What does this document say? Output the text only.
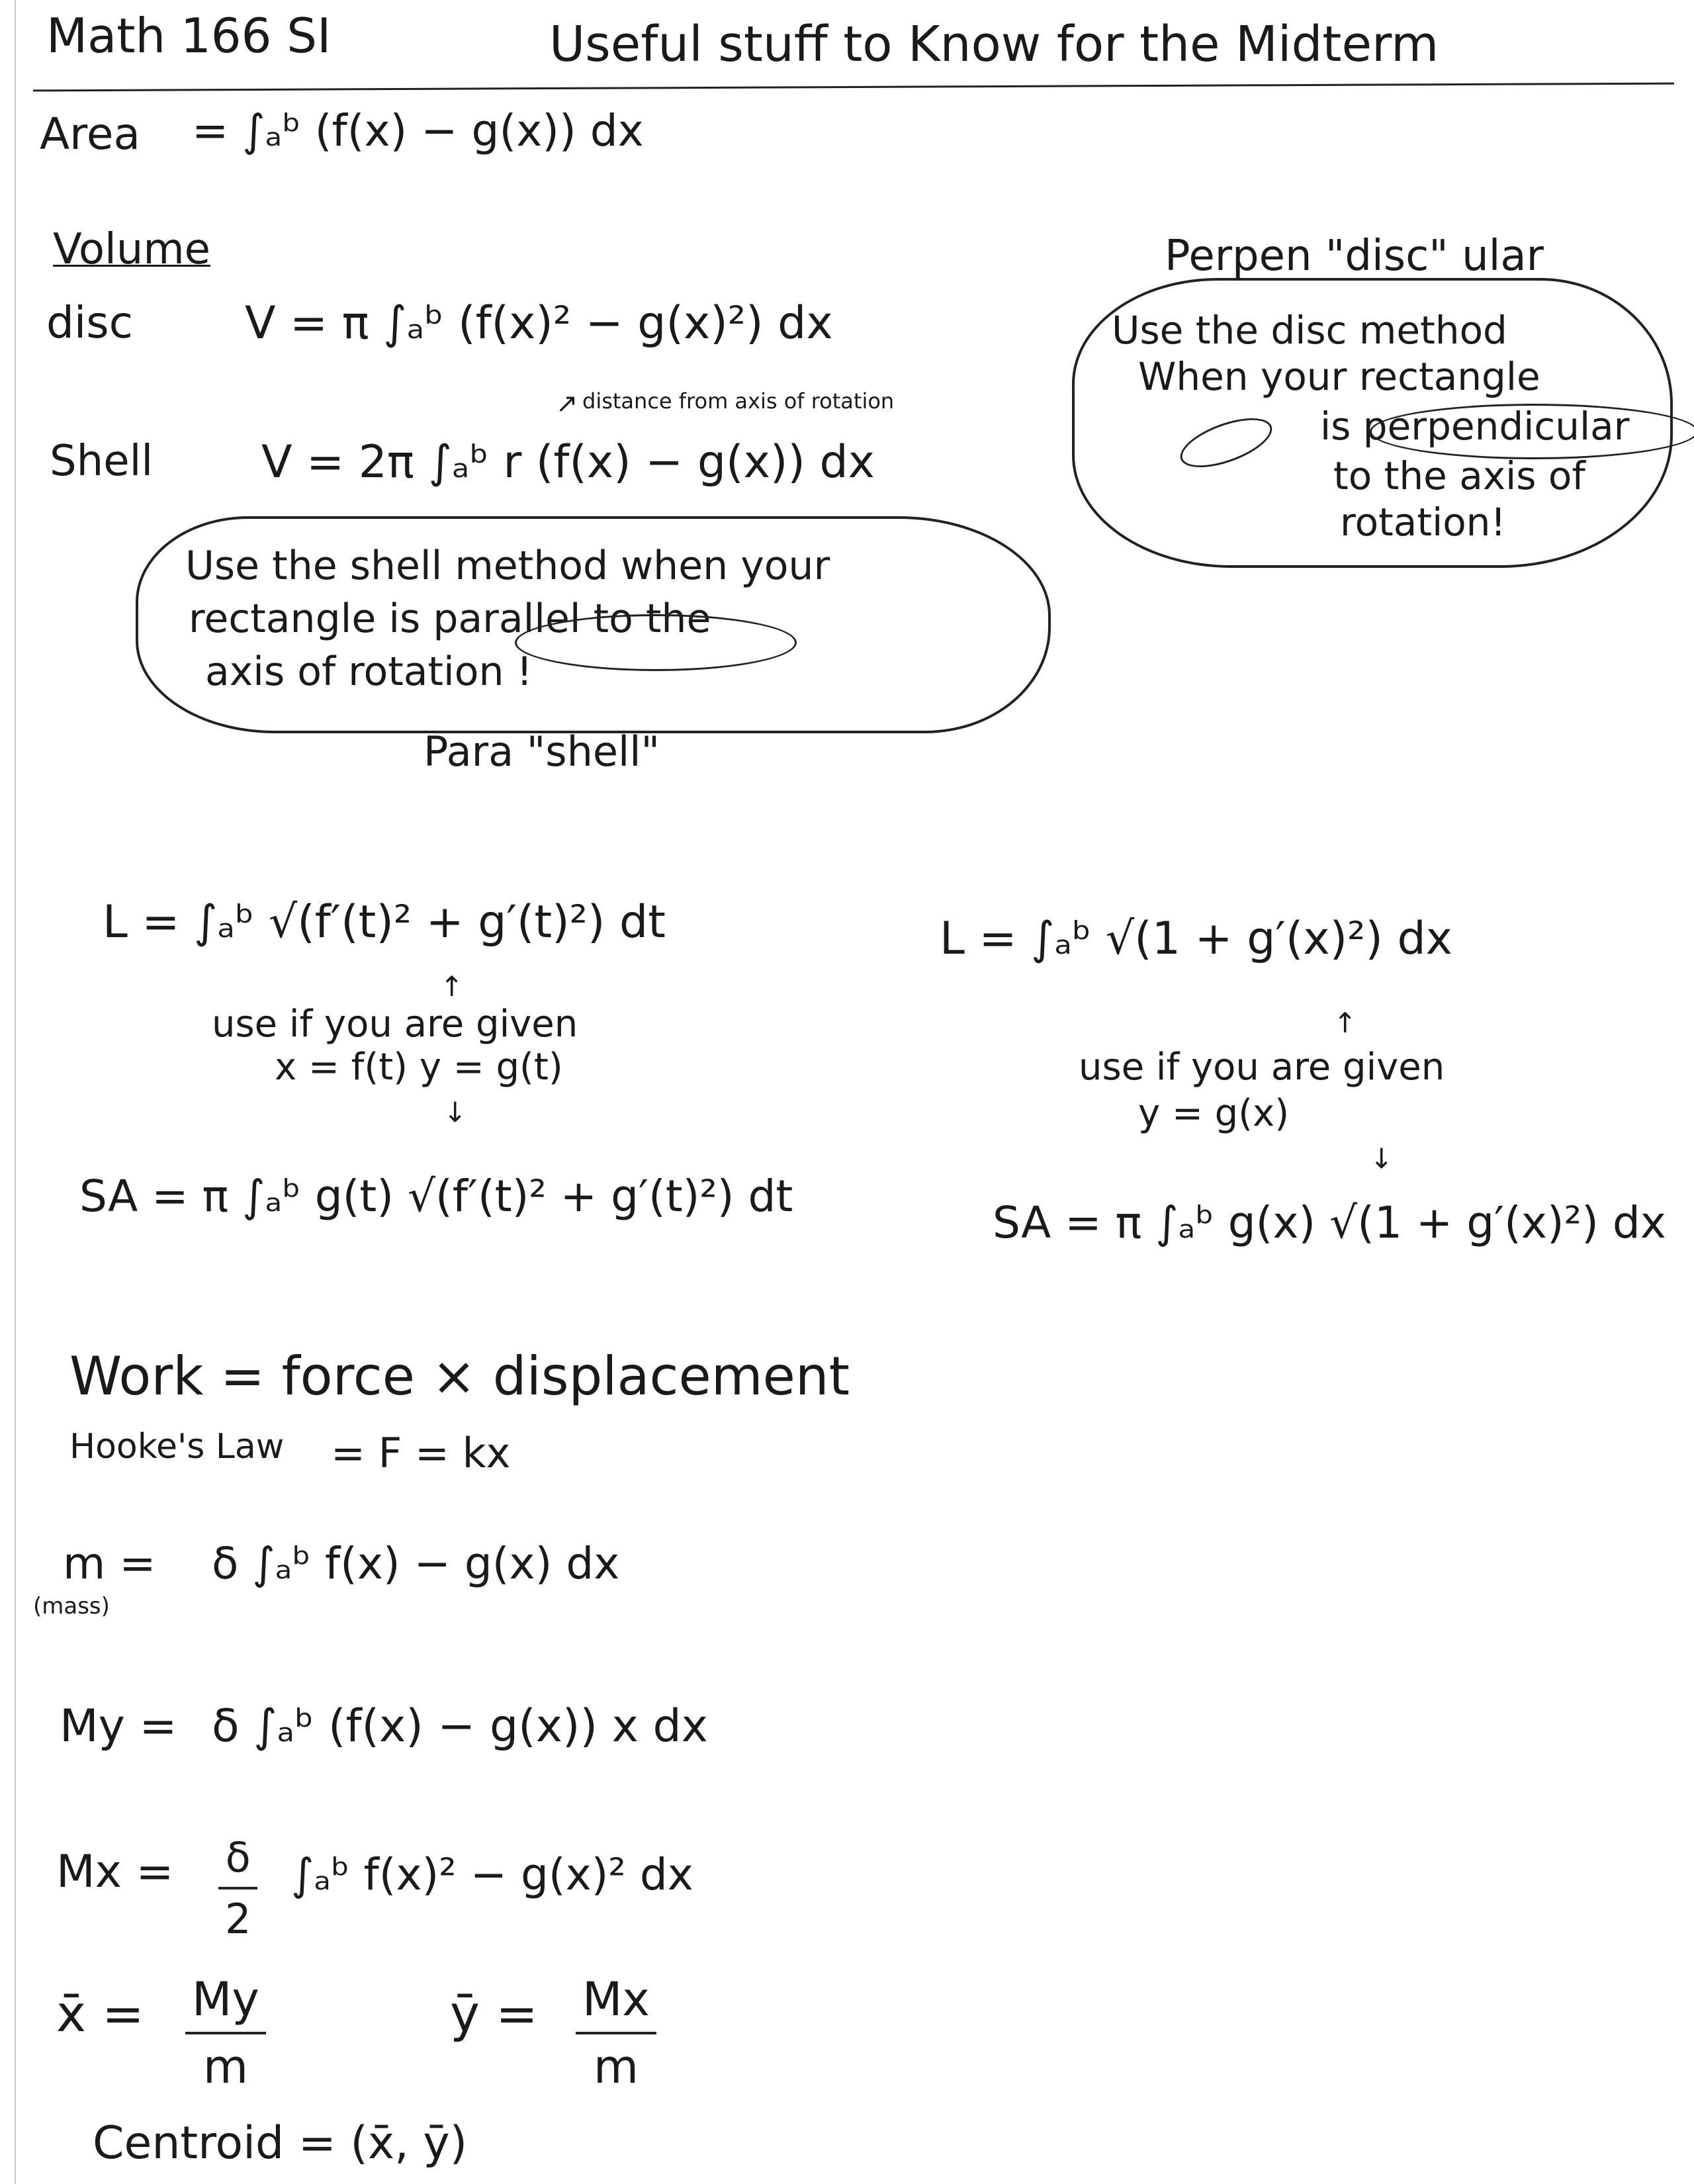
Math 166 SI	Useful stuff to Know for the Midterm
Area = ∫ₐᵇ (f(x) − g(x)) dx
Volume
disc V = π ∫ₐᵇ (f(x)² − g(x)²) dx
distance from axis of rotation
↗
Shell V = 2π ∫ₐᵇ r (f(x) − g(x)) dx
Use the shell method when your
rectangle is parallel to the
axis of rotation !
Para "shell"
Perpen "disc" ular
Use the disc method
When your rectangle
is perpendicular
to the axis of
rotation!
L = ∫ₐᵇ √(f′(t)² + g′(t)²) dt
↑
use if you are given
x = f(t) y = g(t)
↓
SA = π ∫ₐᵇ g(t) √(f′(t)² + g′(t)²) dt
L = ∫ₐᵇ √(1 + g′(x)²) dx
↑
use if you are given
y = g(x)
↓
SA = π ∫ₐᵇ g(x) √(1 + g′(x)²) dx
Work = force × displacement
Hooke's Law = F = kx
m =
(mass)
δ ∫ₐᵇ f(x) − g(x) dx
My = δ ∫ₐᵇ (f(x) − g(x)) x dx
Mx = δ
2
∫ₐᵇ f(x)² − g(x)² dx
x̄ = My
m
ȳ = Mx
m
Centroid = (x̄, ȳ)
